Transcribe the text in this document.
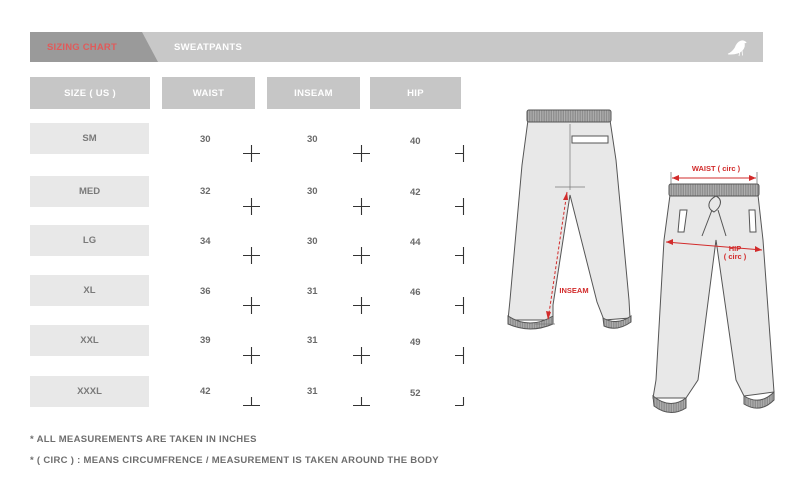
SIZING CHART	SWEATPANTS
SIZE ( US )	WAIST	INSEAM	HIP
SM	30	30	40
MED	32	30	42
LG	34	30	44
XL	36	31	46
XXL	39	31	49
XXXL	42	31	52
* ALL MEASUREMENTS ARE TAKEN IN INCHES
* ( CIRC ) : MEANS CIRCUMFRENCE / MEASUREMENT IS TAKEN AROUND THE BODY
INSEAM
WAIST ( circ )
HIP
( circ )
